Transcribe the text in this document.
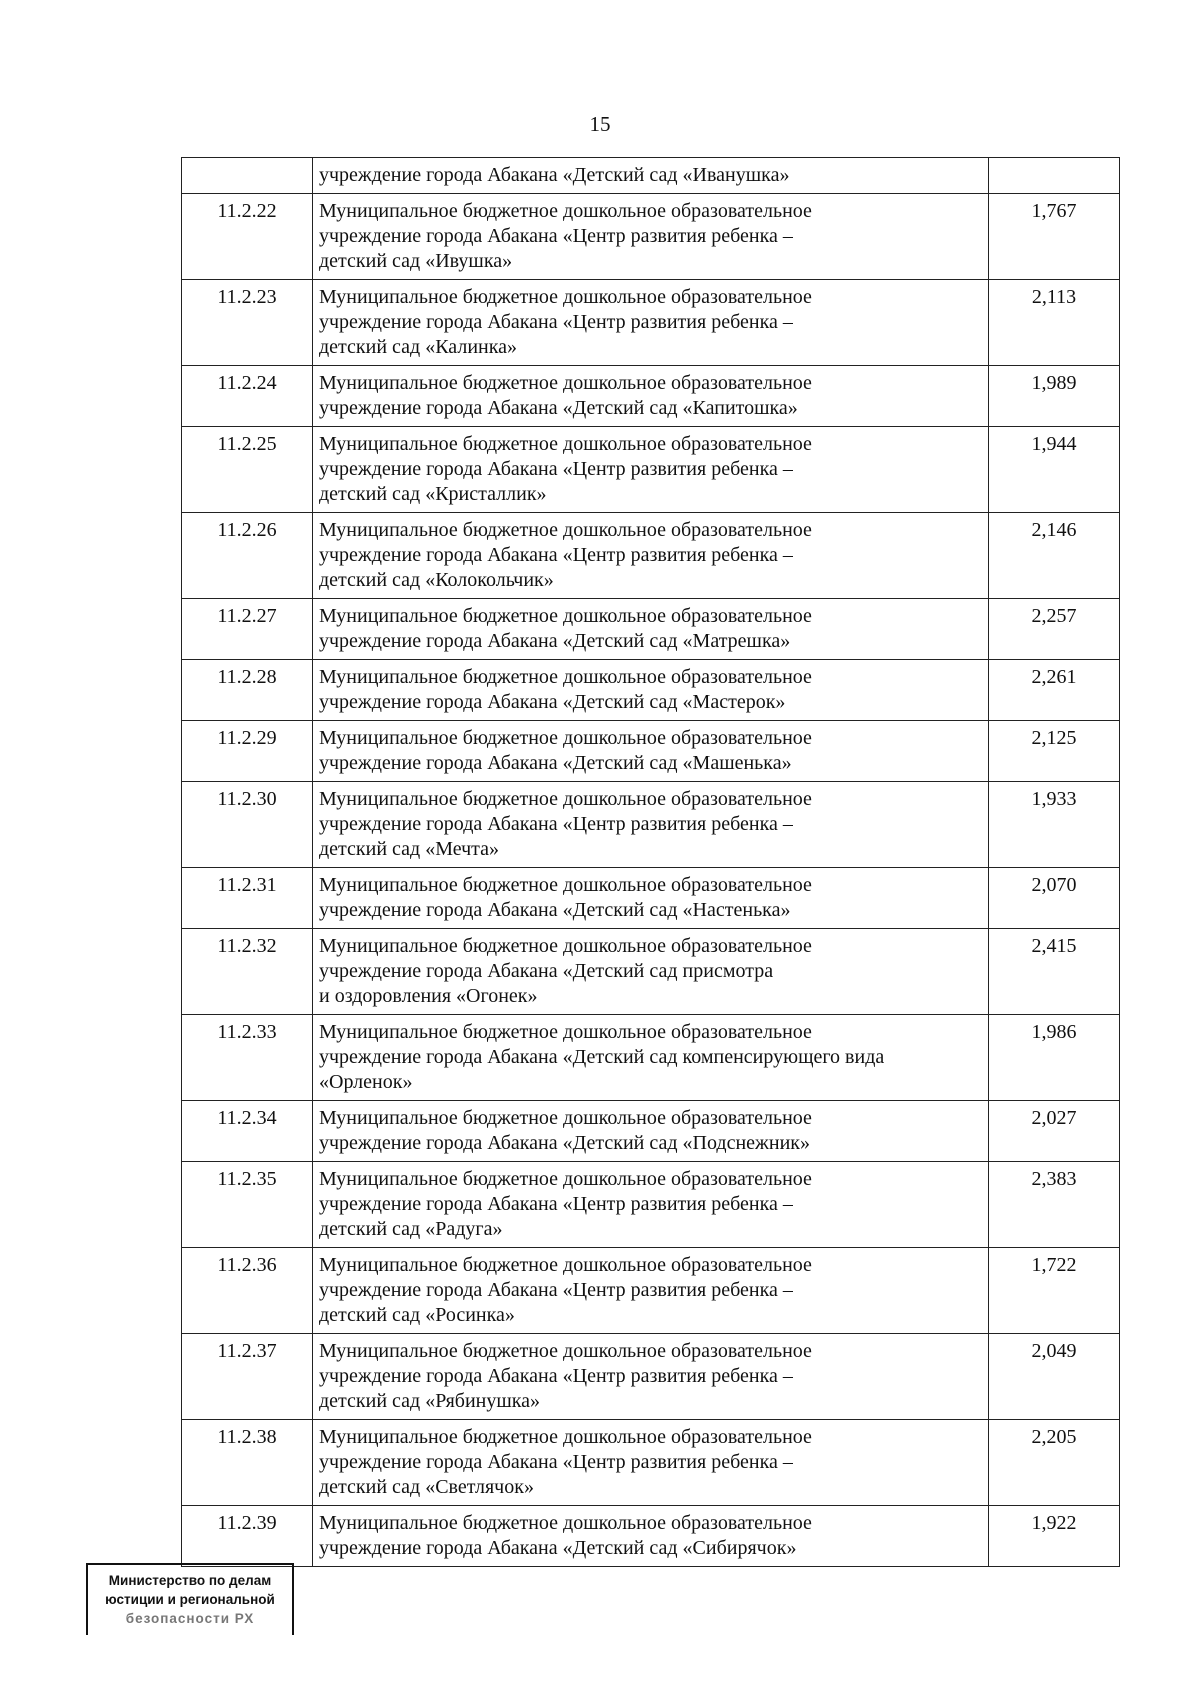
15

	учреждение города Абакана «Детский сад «Иванушка»	

11.2.22	Муниципальное бюджетное дошкольное образовательное
учреждение города Абакана «Центр развития ребенка –
детский сад «Ивушка»	1,767
11.2.23	Муниципальное бюджетное дошкольное образовательное
учреждение города Абакана «Центр развития ребенка –
детский сад «Калинка»	2,113
11.2.24	Муниципальное бюджетное дошкольное образовательное
учреждение города Абакана «Детский сад «Капитошка»	1,989
11.2.25	Муниципальное бюджетное дошкольное образовательное
учреждение города Абакана «Центр развития ребенка –
детский сад «Кристаллик»	1,944
11.2.26	Муниципальное бюджетное дошкольное образовательное
учреждение города Абакана «Центр развития ребенка –
детский сад «Колокольчик»	2,146
11.2.27	Муниципальное бюджетное дошкольное образовательное
учреждение города Абакана «Детский сад «Матрешка»	2,257
11.2.28	Муниципальное бюджетное дошкольное образовательное
учреждение города Абакана «Детский сад «Мастерок»	2,261
11.2.29	Муниципальное бюджетное дошкольное образовательное
учреждение города Абакана «Детский сад «Машенька»	2,125
11.2.30	Муниципальное бюджетное дошкольное образовательное
учреждение города Абакана «Центр развития ребенка –
детский сад «Мечта»	1,933
11.2.31	Муниципальное бюджетное дошкольное образовательное
учреждение города Абакана «Детский сад «Настенька»	2,070
11.2.32	Муниципальное бюджетное дошкольное образовательное
учреждение города Абакана «Детский сад присмотра
и оздоровления «Огонек»	2,415
11.2.33	Муниципальное бюджетное дошкольное образовательное
учреждение города Абакана «Детский сад компенсирующего вида
«Орленок»	1,986
11.2.34	Муниципальное бюджетное дошкольное образовательное
учреждение города Абакана «Детский сад «Подснежник»	2,027
11.2.35	Муниципальное бюджетное дошкольное образовательное
учреждение города Абакана «Центр развития ребенка –
детский сад «Радуга»	2,383
11.2.36	Муниципальное бюджетное дошкольное образовательное
учреждение города Абакана «Центр развития ребенка –
детский сад «Росинка»	1,722
11.2.37	Муниципальное бюджетное дошкольное образовательное
учреждение города Абакана «Центр развития ребенка –
детский сад «Рябинушка»	2,049
11.2.38	Муниципальное бюджетное дошкольное образовательное
учреждение города Абакана «Центр развития ребенка –
детский сад «Светлячок»	2,205
11.2.39	Муниципальное бюджетное дошкольное образовательное
учреждение города Абакана «Детский сад «Сибирячок»	1,922
Министерство по делам
юстиции и региональной
безопасности РХ
